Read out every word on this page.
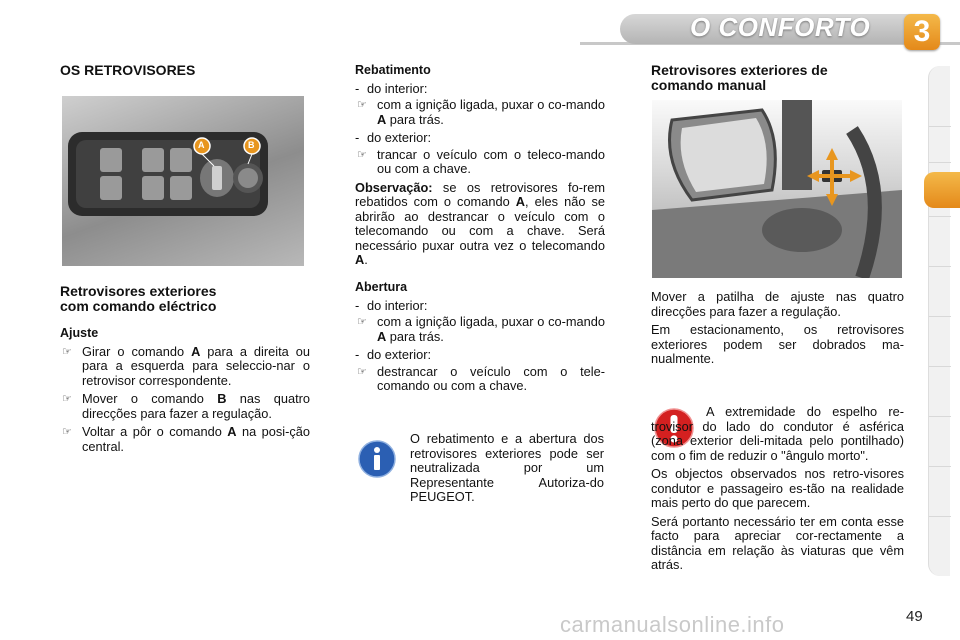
O CONFORTO	3
OS RETROVISORES
A	B
Retrovisores exteriores
com comando eléctrico
Ajuste
☞ Girar o comando A para a direita ou para a esquerda para seleccio-nar o retrovisor correspondente.
☞ Mover o comando B nas quatro direcções para fazer a regulação.
☞ Voltar a pôr o comando A na posi-ção central.
Rebatimento
- do interior:
☞ com a ignição ligada, puxar o co-mando A para trás.
- do exterior:
☞ trancar o veículo com o teleco-mando ou com a chave.

Observação: se os retrovisores fo-rem rebatidos com o comando A, eles não se abrirão ao destrancar o veículo com o telecomando ou com a chave. Será necessário puxar outra vez o telecomando A.

Abertura
- do interior:
☞ com a ignição ligada, puxar o co-mando A para trás.
- do exterior:
☞ destrancar o veículo com o tele-comando ou com a chave.

O rebatimento e a abertura dos retrovisores exteriores pode ser neutralizada por um Representante Autoriza-do PEUGEOT.

Retrovisores exteriores de
comando manual

Mover a patilha de ajuste nas quatro direcções para fazer a regulação.

Em estacionamento, os retrovisores exteriores podem ser dobrados ma-nualmente.

A extremidade do espelho re-trovisor do lado do condutor é asférica (zona exterior deli-mitada pelo pontilhado) com o fim de reduzir o "ângulo morto".

Os objectos observados nos retro-visores condutor e passageiro es-tão na realidade mais perto do que parecem.

Será portanto necessário ter em conta esse facto para apreciar cor-rectamente a distância em relação às viaturas que vêm atrás.

carmanualsonline.info	49
